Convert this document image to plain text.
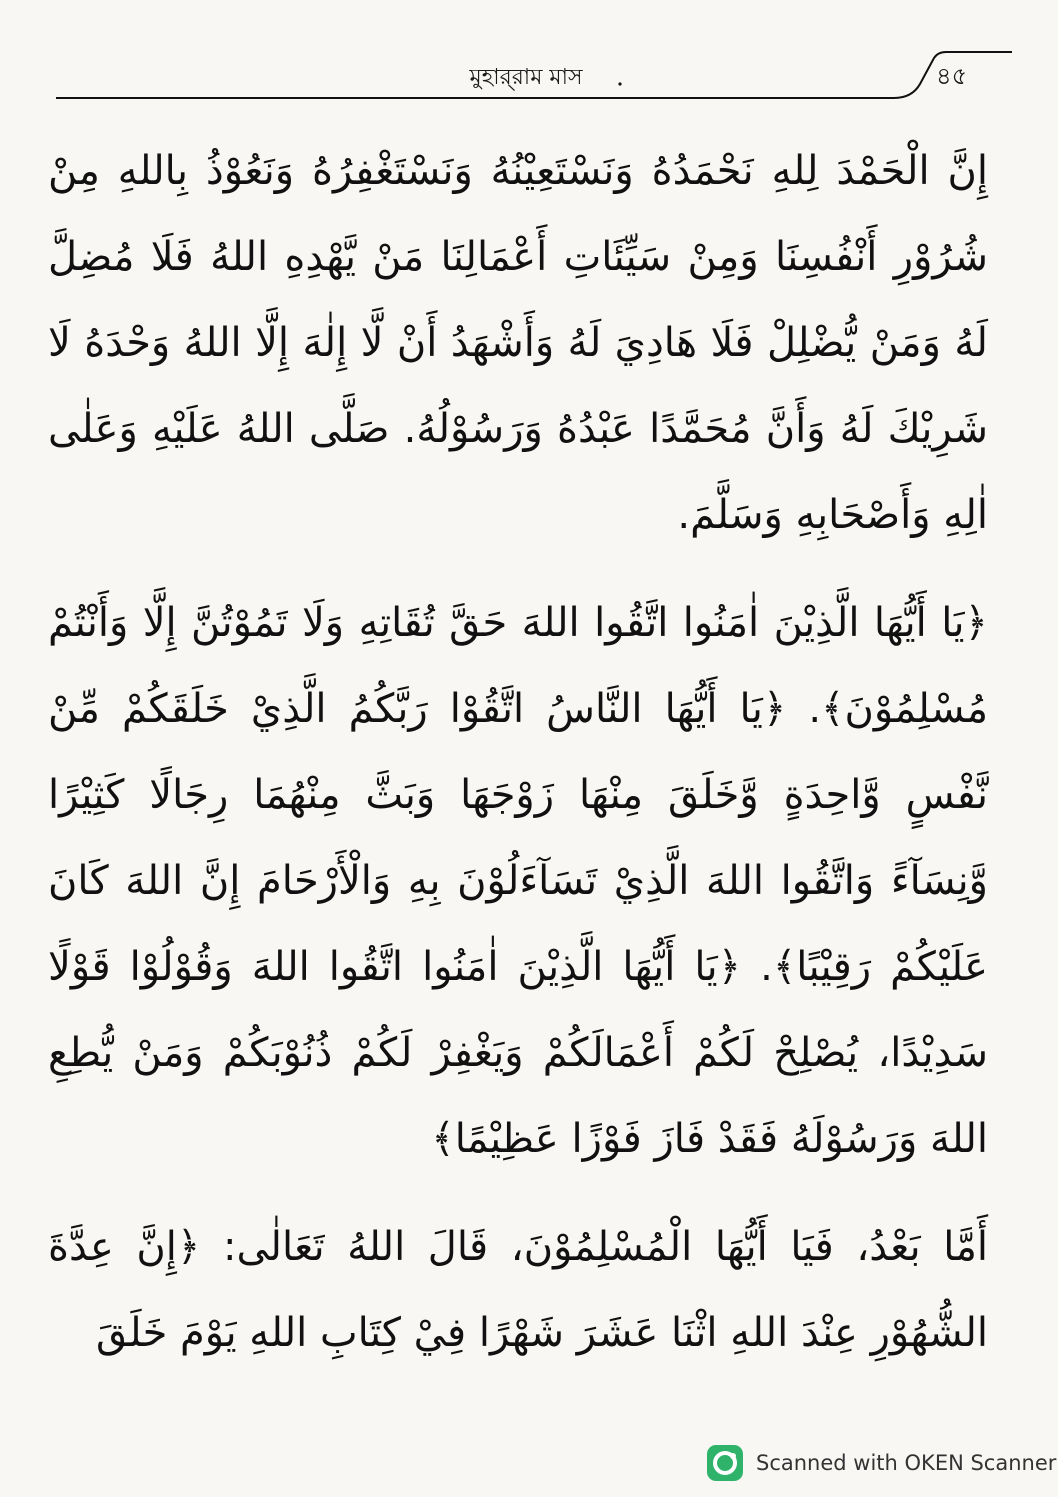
মুহার্‌রাম মাস	৪৫

إِنَّ الْحَمْدَ لِلهِ نَحْمَدُهُ وَنَسْتَعِيْنُهُ وَنَسْتَغْفِرُهُ وَنَعُوْذُ بِاللهِ مِنْ شُرُوْرِ أَنْفُسِنَا وَمِنْ سَيِّئَاتِ أَعْمَالِنَا مَنْ يَّهْدِهِ اللهُ فَلَا مُضِلَّ لَهُ وَمَنْ يُّضْلِلْ فَلَا هَادِيَ لَهُ وَأَشْهَدُ أَنْ لَّا إِلٰهَ إِلَّا اللهُ وَحْدَهُ لَا شَرِيْكَ لَهُ وَأَنَّ مُحَمَّدًا عَبْدُهُ وَرَسُوْلُهُ. صَلَّى اللهُ عَلَيْهِ وَعَلٰى اٰلِهِ وَأَصْحَابِهِ وَسَلَّمَ.

﴿يَا أَيُّهَا الَّذِيْنَ اٰمَنُوا اتَّقُوا اللهَ حَقَّ تُقَاتِهِ وَلَا تَمُوْتُنَّ إِلَّا وَأَنْتُمْ مُسْلِمُوْنَ﴾. ﴿يَا أَيُّهَا النَّاسُ اتَّقُوْا رَبَّكُمُ الَّذِيْ خَلَقَكُمْ مِّنْ نَّفْسٍ وَّاحِدَةٍ وَّخَلَقَ مِنْهَا زَوْجَهَا وَبَثَّ مِنْهُمَا رِجَالًا كَثِيْرًا وَّنِسَآءً وَاتَّقُوا اللهَ الَّذِيْ تَسَآءَلُوْنَ بِهِ وَالْأَرْحَامَ إِنَّ اللهَ كَانَ عَلَيْكُمْ رَقِيْبًا﴾. ﴿يَا أَيُّهَا الَّذِيْنَ اٰمَنُوا اتَّقُوا اللهَ وَقُوْلُوْا قَوْلًا سَدِيْدًا، يُصْلِحْ لَكُمْ أَعْمَالَكُمْ وَيَغْفِرْ لَكُمْ ذُنُوْبَكُمْ وَمَنْ يُّطِعِ اللهَ وَرَسُوْلَهُ فَقَدْ فَازَ فَوْزًا عَظِيْمًا﴾

أَمَّا بَعْدُ، فَيَا أَيُّهَا الْمُسْلِمُوْنَ، قَالَ اللهُ تَعَالٰى: ﴿إِنَّ عِدَّةَ الشُّهُوْرِ عِنْدَ اللهِ اثْنَا عَشَرَ شَهْرًا فِيْ كِتَابِ اللهِ يَوْمَ خَلَقَ

Scanned with OKEN Scanner
